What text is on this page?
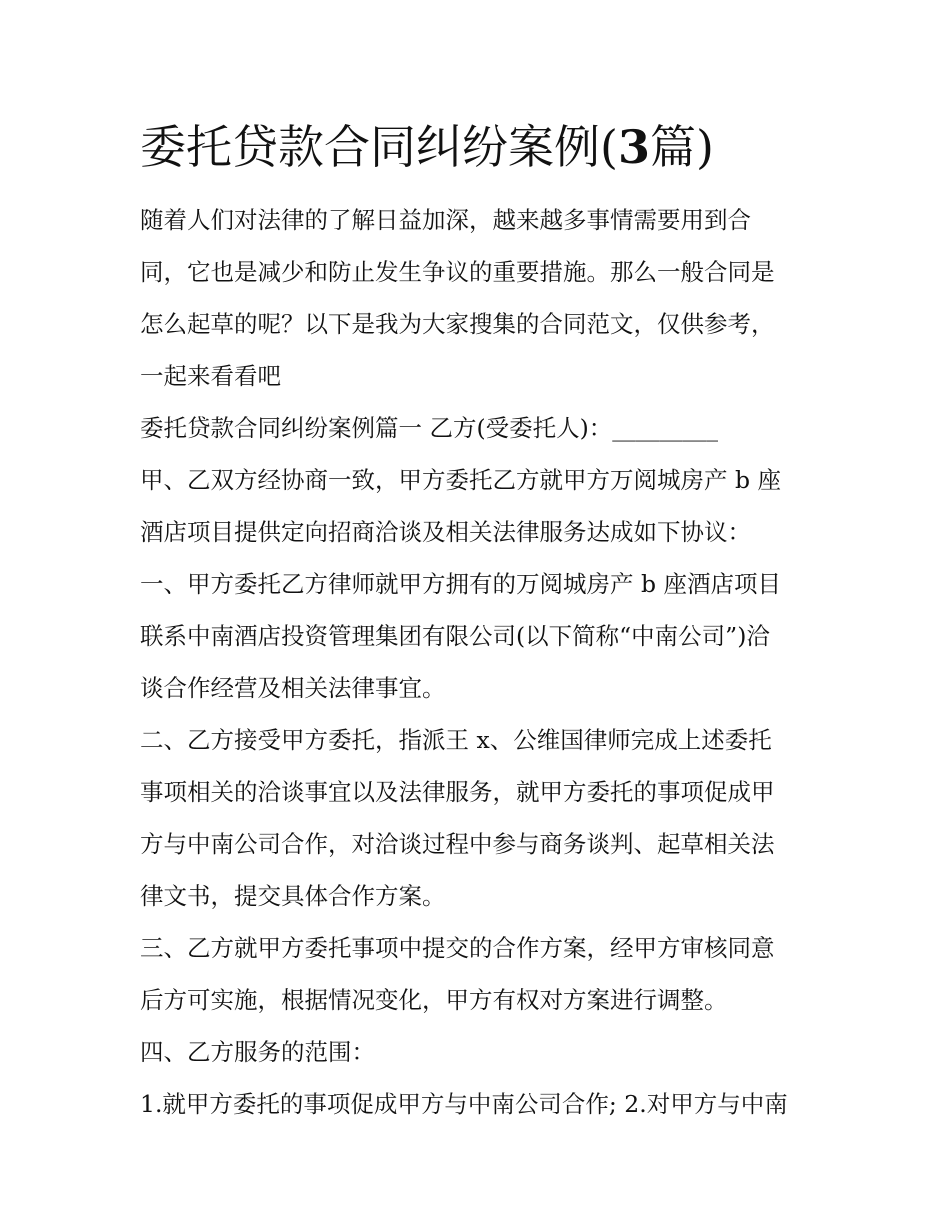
委托贷款合同纠纷案例(3篇)

随着人们对法律的了解日益加深，越来越多事情需要用到合

同，它也是减少和防止发生争议的重要措施。那么一般合同是

怎么起草的呢？以下是我为大家搜集的合同范文，仅供参考，

一起来看看吧

委托贷款合同纠纷案例篇一 乙方(受委托人)：_________

甲、乙双方经协商一致，甲方委托乙方就甲方万阅城房产 b 座

酒店项目提供定向招商洽谈及相关法律服务达成如下协议：

一、甲方委托乙方律师就甲方拥有的万阅城房产 b 座酒店项目

联系中南酒店投资管理集团有限公司(以下简称“中南公司”)洽

谈合作经营及相关法律事宜。

二、乙方接受甲方委托，指派王 x、公维国律师完成上述委托

事项相关的洽谈事宜以及法律服务，就甲方委托的事项促成甲

方与中南公司合作，对洽谈过程中参与商务谈判、起草相关法

律文书，提交具体合作方案。

三、乙方就甲方委托事项中提交的合作方案，经甲方审核同意

后方可实施，根据情况变化，甲方有权对方案进行调整。

四、乙方服务的范围：

1.就甲方委托的事项促成甲方与中南公司合作; 2.对甲方与中南
